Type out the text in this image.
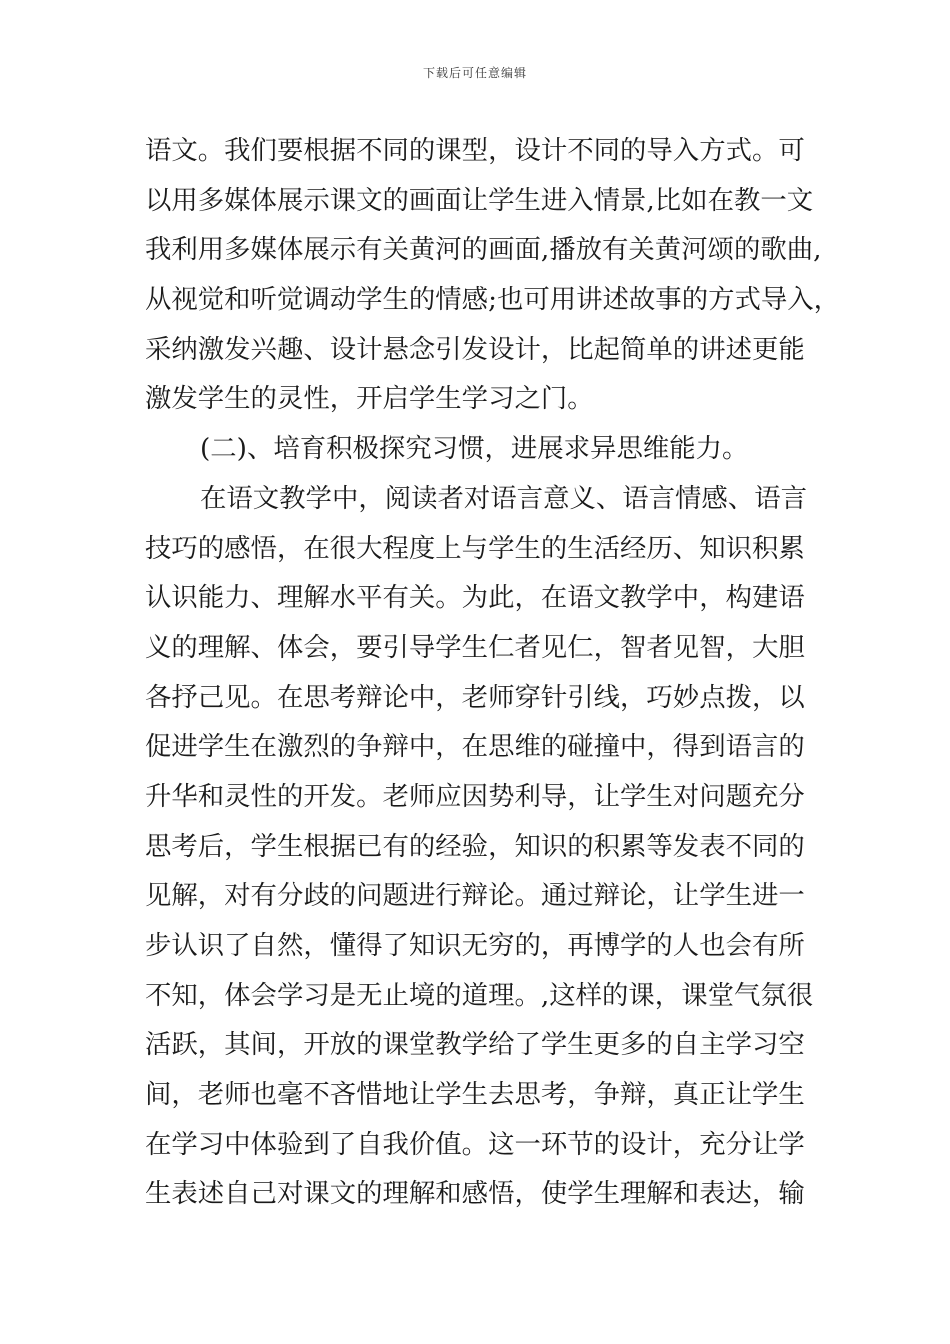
下载后可任意编辑
语文。我们要根据不同的课型，设计不同的导入方式。可
以用多媒体展示课文的画面让学生进入情景,比如在教一文
我利用多媒体展示有关黄河的画面,播放有关黄河颂的歌曲,
从视觉和听觉调动学生的情感;也可用讲述故事的方式导入，
采纳激发兴趣、设计悬念引发设计，比起简单的讲述更能
激发学生的灵性，开启学生学习之门。
(二)、培育积极探究习惯，进展求异思维能力。
在语文教学中，阅读者对语言意义、语言情感、语言
技巧的感悟，在很大程度上与学生的生活经历、知识积累
认识能力、理解水平有关。为此，在语文教学中，构建语
义的理解、体会，要引导学生仁者见仁，智者见智，大胆
各抒己见。在思考辩论中，老师穿针引线，巧妙点拨，以
促进学生在激烈的争辩中，在思维的碰撞中，得到语言的
升华和灵性的开发。老师应因势利导，让学生对问题充分
思考后，学生根据已有的经验，知识的积累等发表不同的
见解，对有分歧的问题进行辩论。通过辩论，让学生进一
步认识了自然，懂得了知识无穷的，再博学的人也会有所
不知，体会学习是无止境的道理。,这样的课，课堂气氛很
活跃，其间，开放的课堂教学给了学生更多的自主学习空
间，老师也毫不吝惜地让学生去思考，争辩，真正让学生
在学习中体验到了自我价值。这一环节的设计，充分让学
生表述自己对课文的理解和感悟，使学生理解和表达，输
